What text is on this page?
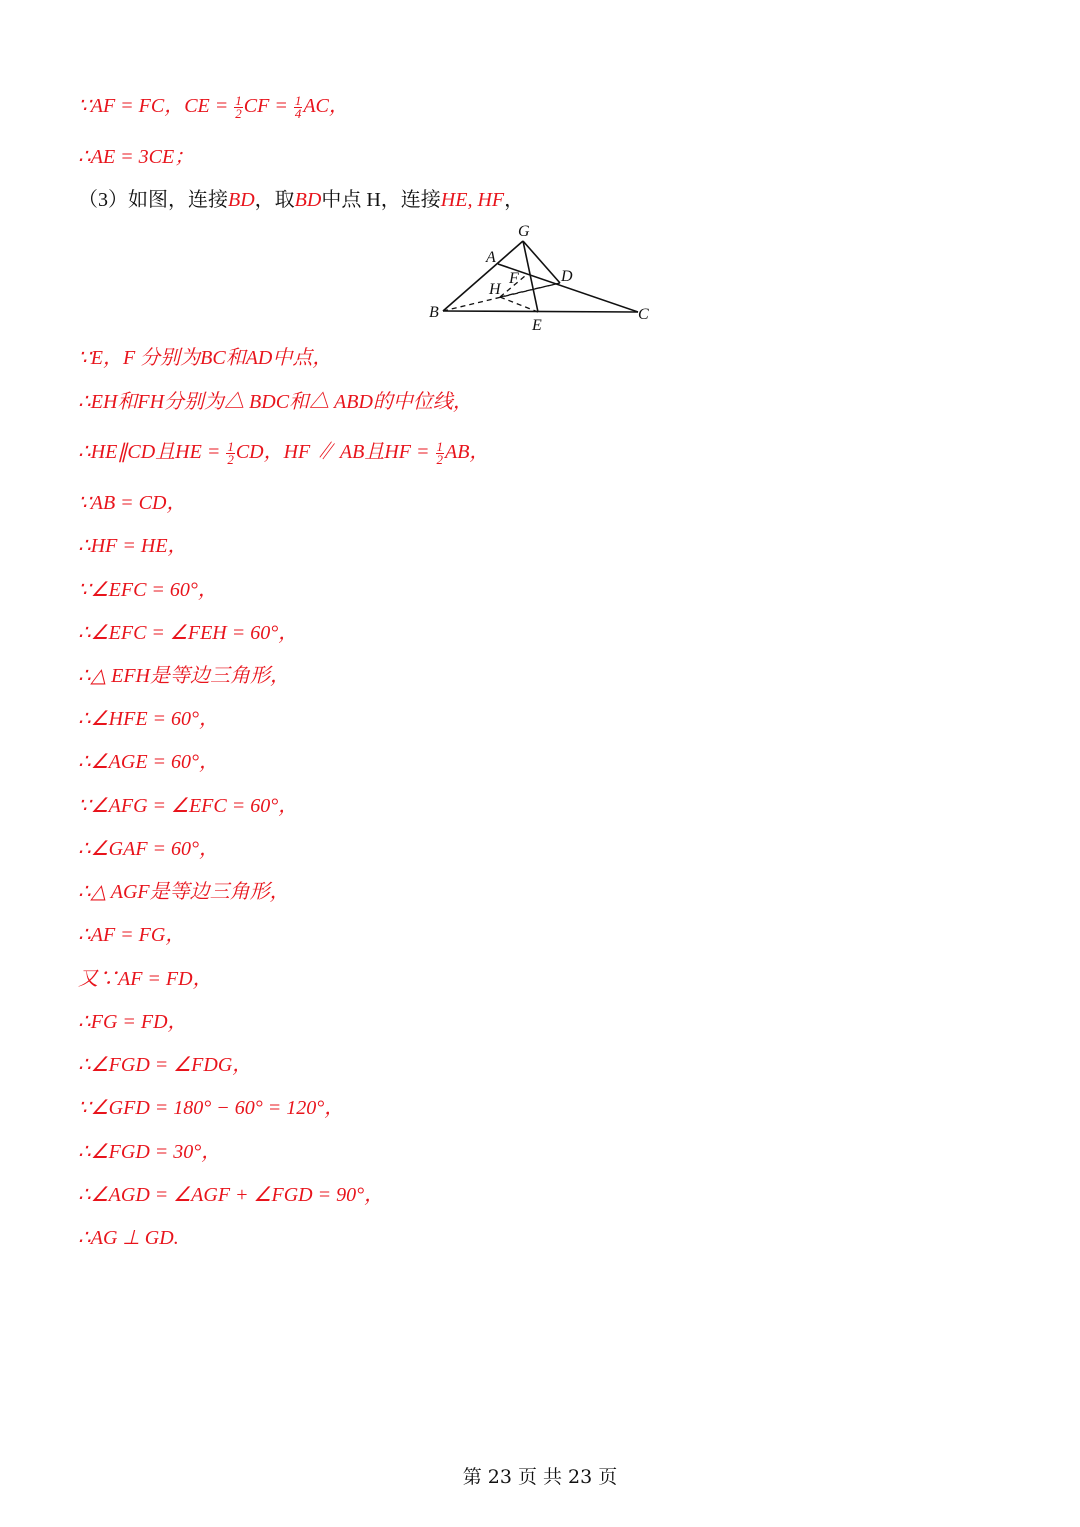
∵AF = FC，CE = $\frac{1}{2}$ CF = $\frac{1}{4}$ AC，
∴AE = 3CE；
（3）如图，连接BD，取BD中点 H，连接HE, HF，
∵E，F 分别为BC和AD中点，
∴EH和FH分别为△ BDC和△ ABD的中位线，
∴HE∥CD且HE = $\frac{1}{2}$ CD，HF ∥ AB且HF = $\frac{1}{2}$ AB，
∵AB = CD，
∴HF = HE，
∵∠EFC = 60°，
∴∠EFC = ∠FEH = 60°，
∴△ EFH是等边三角形，
∴∠HFE = 60°，
∴∠AGE = 60°，
∵∠AFG = ∠EFC = 60°，
∴∠GAF = 60°，
∴△ AGF是等边三角形，
∴AF = FG，
又∵AF = FD，
∴FG = FD，
∴∠FGD = ∠FDG，
∵∠GFD = 180° − 60° = 120°，
∴∠FGD = 30°，
∴∠AGD = ∠AGF + ∠FGD = 90°，
∴AG ⊥ GD.
G
A
F	D
H
B
E
C
第 23 页 共 23 页
